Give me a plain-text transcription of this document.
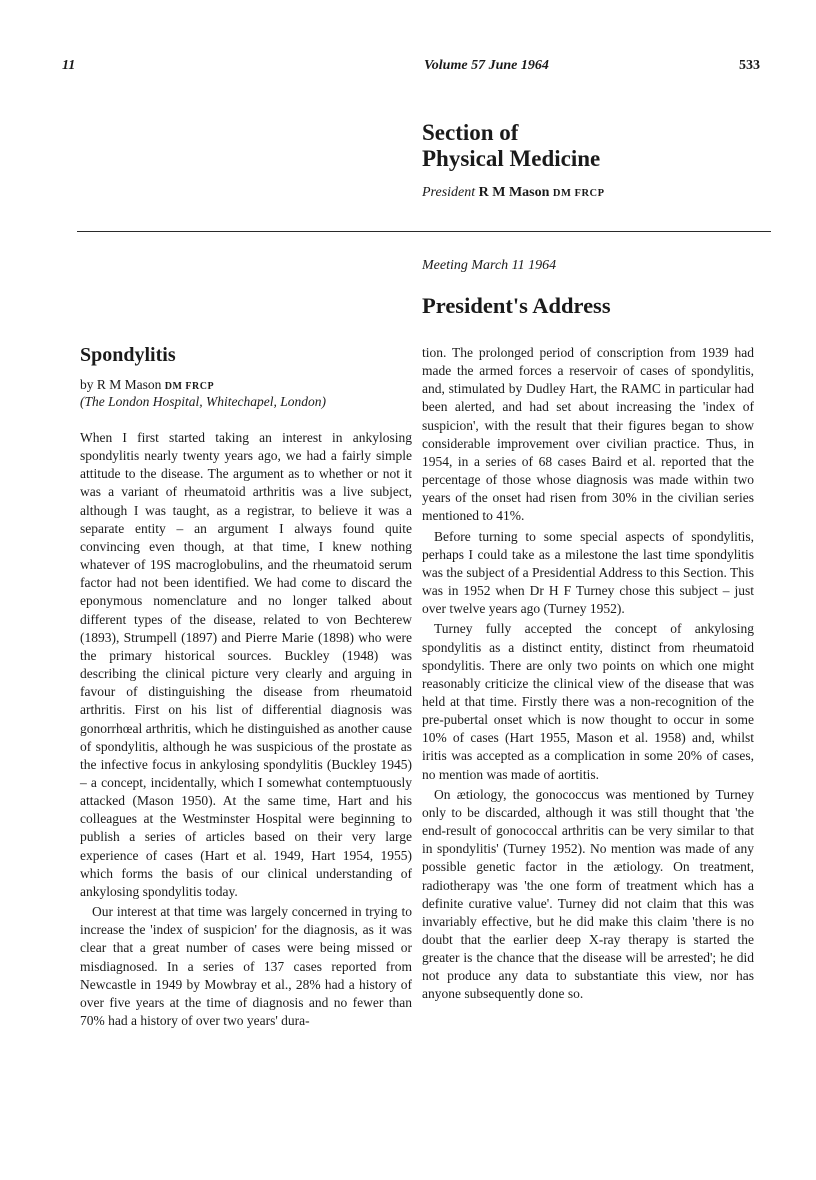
11	Volume 57 June 1964	533
Section of
Physical Medicine
President R M Mason DM FRCP
Meeting March 11 1964
President's Address
Spondylitis
by R M Mason DM FRCP
(The London Hospital, Whitechapel, London)

When I first started taking an interest in ankylosing spondylitis nearly twenty years ago, we had a fairly simple attitude to the disease. The argument as to whether or not it was a variant of rheumatoid arthritis was a live subject, although I was taught, as a registrar, to believe it was a separate entity – an argument I always found quite convincing even though, at that time, I knew nothing whatever of 19S macroglobulins, and the rheumatoid serum factor had not been identified. We had come to discard the eponymous nomenclature and no longer talked about different types of the disease, related to von Bechterew (1893), Strumpell (1897) and Pierre Marie (1898) who were the primary historical sources. Buckley (1948) was describing the clinical picture very clearly and arguing in favour of distinguishing the disease from rheumatoid arthritis. First on his list of differential diagnosis was gonorrhœal arthritis, which he distinguished as another cause of spondylitis, although he was suspicious of the prostate as the infective focus in ankylosing spondylitis (Buckley 1945) – a concept, incidentally, which I somewhat contemptuously attacked (Mason 1950). At the same time, Hart and his colleagues at the Westminster Hospital were beginning to publish a series of articles based on their very large experience of cases (Hart et al. 1949, Hart 1954, 1955) which forms the basis of our clinical understanding of ankylosing spondylitis today.

Our interest at that time was largely concerned in trying to increase the 'index of suspicion' for the diagnosis, as it was clear that a great number of cases were being missed or misdiagnosed. In a series of 137 cases reported from Newcastle in 1949 by Mowbray et al., 28% had a history of over five years at the time of diagnosis and no fewer than 70% had a history of over two years' dura-

tion. The prolonged period of conscription from 1939 had made the armed forces a reservoir of cases of spondylitis, and, stimulated by Dudley Hart, the RAMC in particular had been alerted, and had set about increasing the 'index of suspicion', with the result that their figures began to show considerable improvement over civilian practice. Thus, in 1954, in a series of 68 cases Baird et al. reported that the percentage of those whose diagnosis was made within two years of the onset had risen from 30% in the civilian series mentioned to 41%.

Before turning to some special aspects of spondylitis, perhaps I could take as a milestone the last time spondylitis was the subject of a Presidential Address to this Section. This was in 1952 when Dr H F Turney chose this subject – just over twelve years ago (Turney 1952).

Turney fully accepted the concept of ankylosing spondylitis as a distinct entity, distinct from rheumatoid spondylitis. There are only two points on which one might reasonably criticize the clinical view of the disease that was held at that time. Firstly there was a non-recognition of the pre-pubertal onset which is now thought to occur in some 10% of cases (Hart 1955, Mason et al. 1958) and, whilst iritis was accepted as a complication in some 20% of cases, no mention was made of aortitis.

On ætiology, the gonococcus was mentioned by Turney only to be discarded, although it was still thought that 'the end-result of gonococcal arthritis can be very similar to that in spondylitis' (Turney 1952). No mention was made of any possible genetic factor in the ætiology. On treatment, radiotherapy was 'the one form of treatment which has a definite curative value'. Turney did not claim that this was invariably effective, but he did make this claim 'there is no doubt that the earlier deep X-ray therapy is started the greater is the chance that the disease will be arrested'; he did not produce any data to substantiate this view, nor has anyone subsequently done so.
